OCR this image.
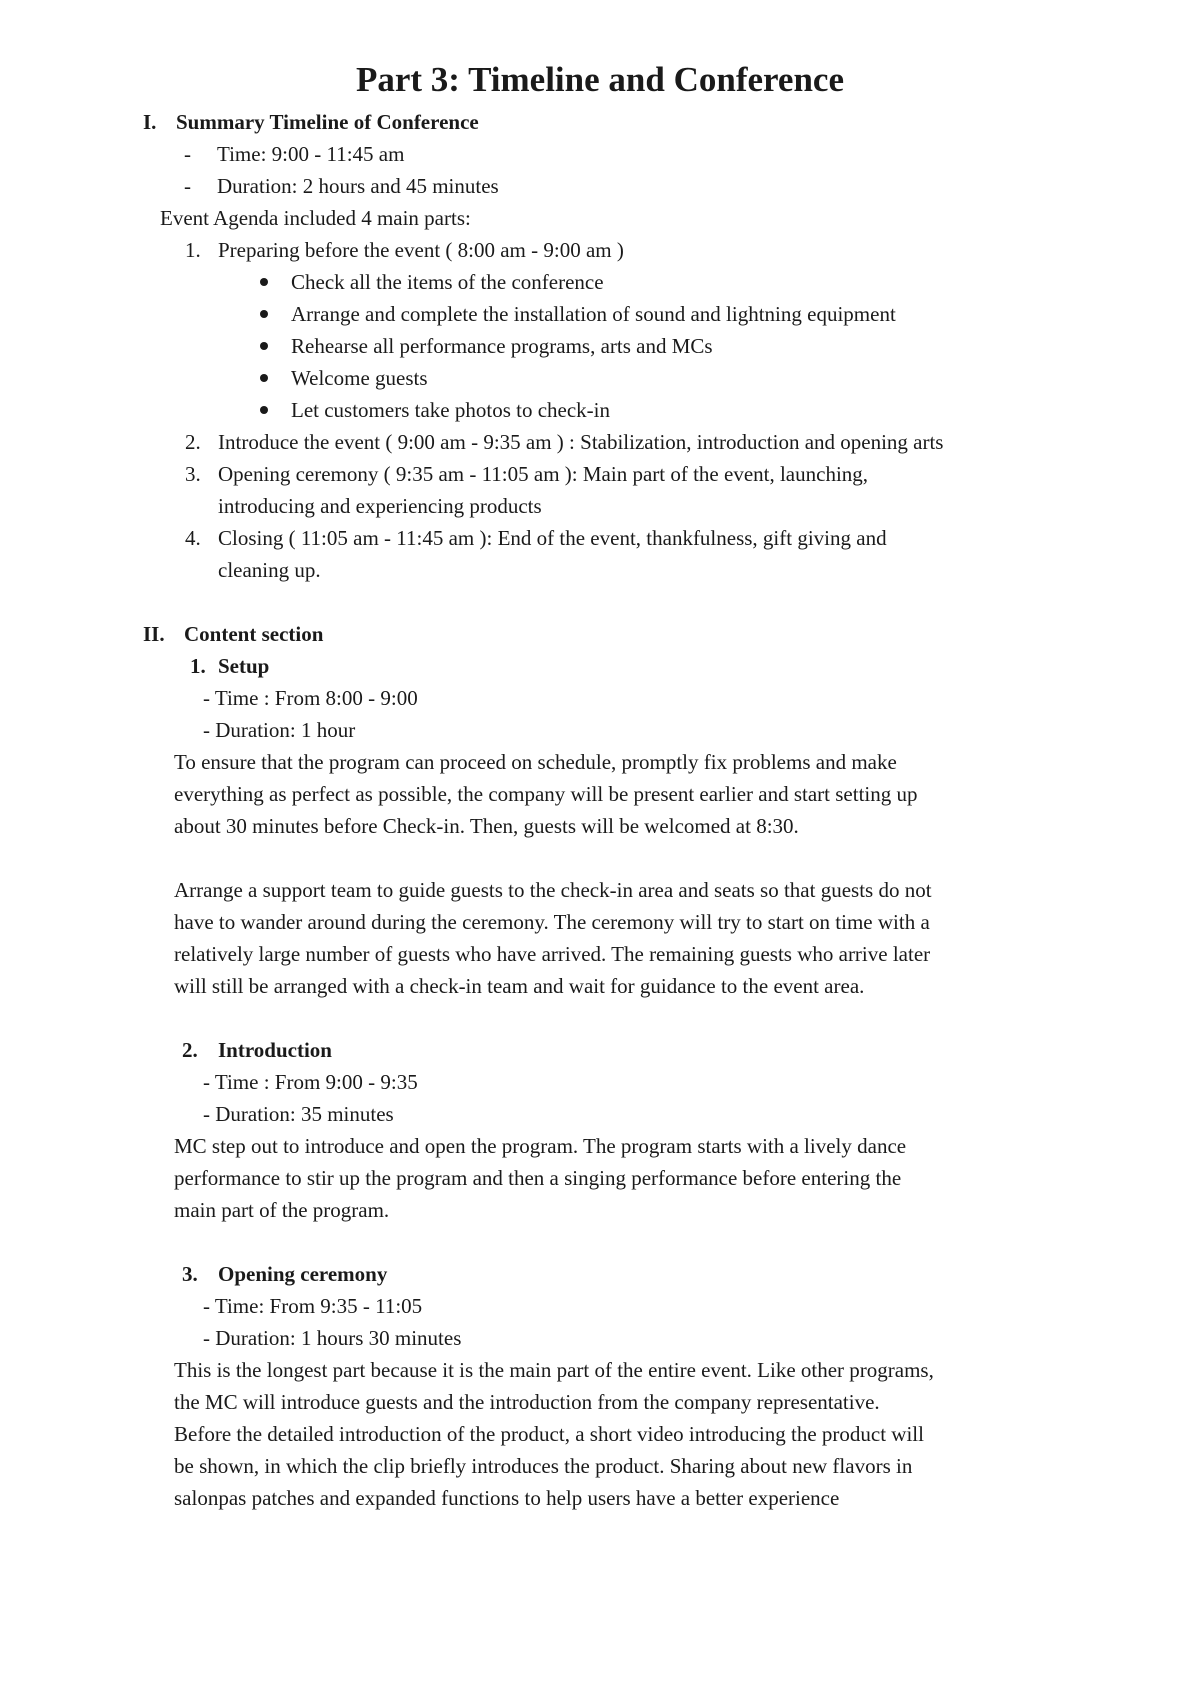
Part 3: Timeline and Conference
I. Summary Timeline of Conference
- Time: 9:00 - 11:45 am
- Duration: 2 hours and 45 minutes
Event Agenda included 4 main parts:
1. Preparing before the event ( 8:00 am - 9:00 am )
Check all the items of the conference
Arrange and complete the installation of sound and lightning equipment
Rehearse all performance programs, arts and MCs
Welcome guests
Let customers take photos to check-in
2. Introduce the event ( 9:00 am - 9:35 am ) : Stabilization, introduction and opening arts
3. Opening ceremony ( 9:35 am - 11:05 am ): Main part of the event, launching,
introducing and experiencing products
4. Closing ( 11:05 am - 11:45 am ): End of the event, thankfulness, gift giving and
cleaning up.
II. Content section
1. Setup
- Time : From 8:00 - 9:00
- Duration: 1 hour
To ensure that the program can proceed on schedule, promptly fix problems and make
everything as perfect as possible, the company will be present earlier and start setting up
about 30 minutes before Check-in. Then, guests will be welcomed at 8:30.
Arrange a support team to guide guests to the check-in area and seats so that guests do not
have to wander around during the ceremony. The ceremony will try to start on time with a
relatively large number of guests who have arrived. The remaining guests who arrive later
will still be arranged with a check-in team and wait for guidance to the event area.
2. Introduction
- Time : From 9:00 - 9:35
- Duration: 35 minutes
MC step out to introduce and open the program. The program starts with a lively dance
performance to stir up the program and then a singing performance before entering the
main part of the program.
3. Opening ceremony
- Time: From 9:35 - 11:05
- Duration: 1 hours 30 minutes
This is the longest part because it is the main part of the entire event. Like other programs,
the MC will introduce guests and the introduction from the company representative.
Before the detailed introduction of the product, a short video introducing the product will
be shown, in which the clip briefly introduces the product. Sharing about new flavors in
salonpas patches and expanded functions to help users have a better experience
